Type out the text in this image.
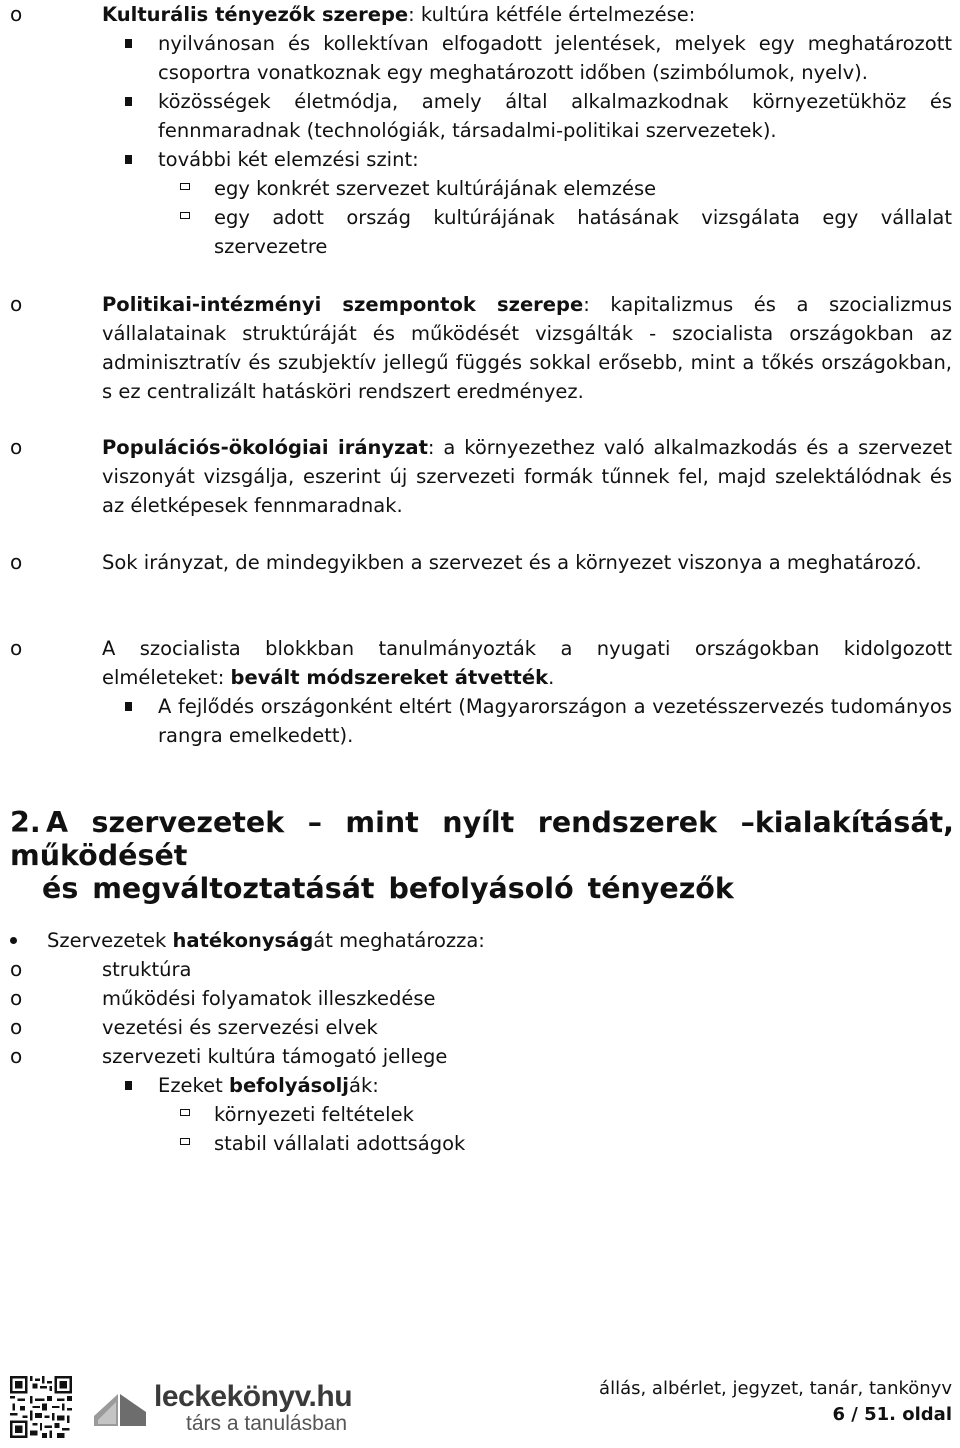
o	Kulturális tényezők szerepe: kultúra kétféle értelmezése:
nyilvánosan és kollektívan elfogadott jelentések, melyek egy meghatározott csoportra vonatkoznak egy meghatározott időben (szimbólumok, nyelv).
közösségek életmódja, amely által alkalmazkodnak környezetükhöz és fennmaradnak (technológiák, társadalmi-politikai szervezetek).
további két elemzési szint:
egy konkrét szervezet kultúrájának elemzése
egy adott ország kultúrájának hatásának vizsgálata egy vállalat szervezetre
o	Politikai-intézményi szempontok szerepe: kapitalizmus és a szocializmus vállalatainak struktúráját és működését vizsgálták - szocialista országokban az adminisztratív és szubjektív jellegű függés sokkal erősebb, mint a tőkés országokban, s ez centralizált hatásköri rendszert eredményez.
o	Populációs-ökológiai irányzat: a környezethez való alkalmazkodás és a szervezet viszonyát vizsgálja, eszerint új szervezeti formák tűnnek fel, majd szelektálódnak és az életképesek fennmaradnak.
o	Sok irányzat, de mindegyikben a szervezet és a környezet viszonya a meghatározó.
o	A szocialista blokkban tanulmányozták a nyugati országokban kidolgozott elméleteket: bevált módszereket átvették.
A fejlődés országonként eltért (Magyarországon a vezetésszervezés tudományos rangra emelkedett).
2. A szervezetek – mint nyílt rendszerek –kialakítását, működését
és megváltoztatását befolyásoló tényezők
Szervezetek hatékonyságát meghatározza:
o	struktúra
o	működési folyamatok illeszkedése
o	vezetési és szervezési elvek
o	szervezeti kultúra támogató jellege
Ezeket befolyásolják:
környezeti feltételek
stabil vállalati adottságok
leckekönyv.hu
társ a tanulásban
állás, albérlet, jegyzet, tanár, tankönyv
6 / 51. oldal
